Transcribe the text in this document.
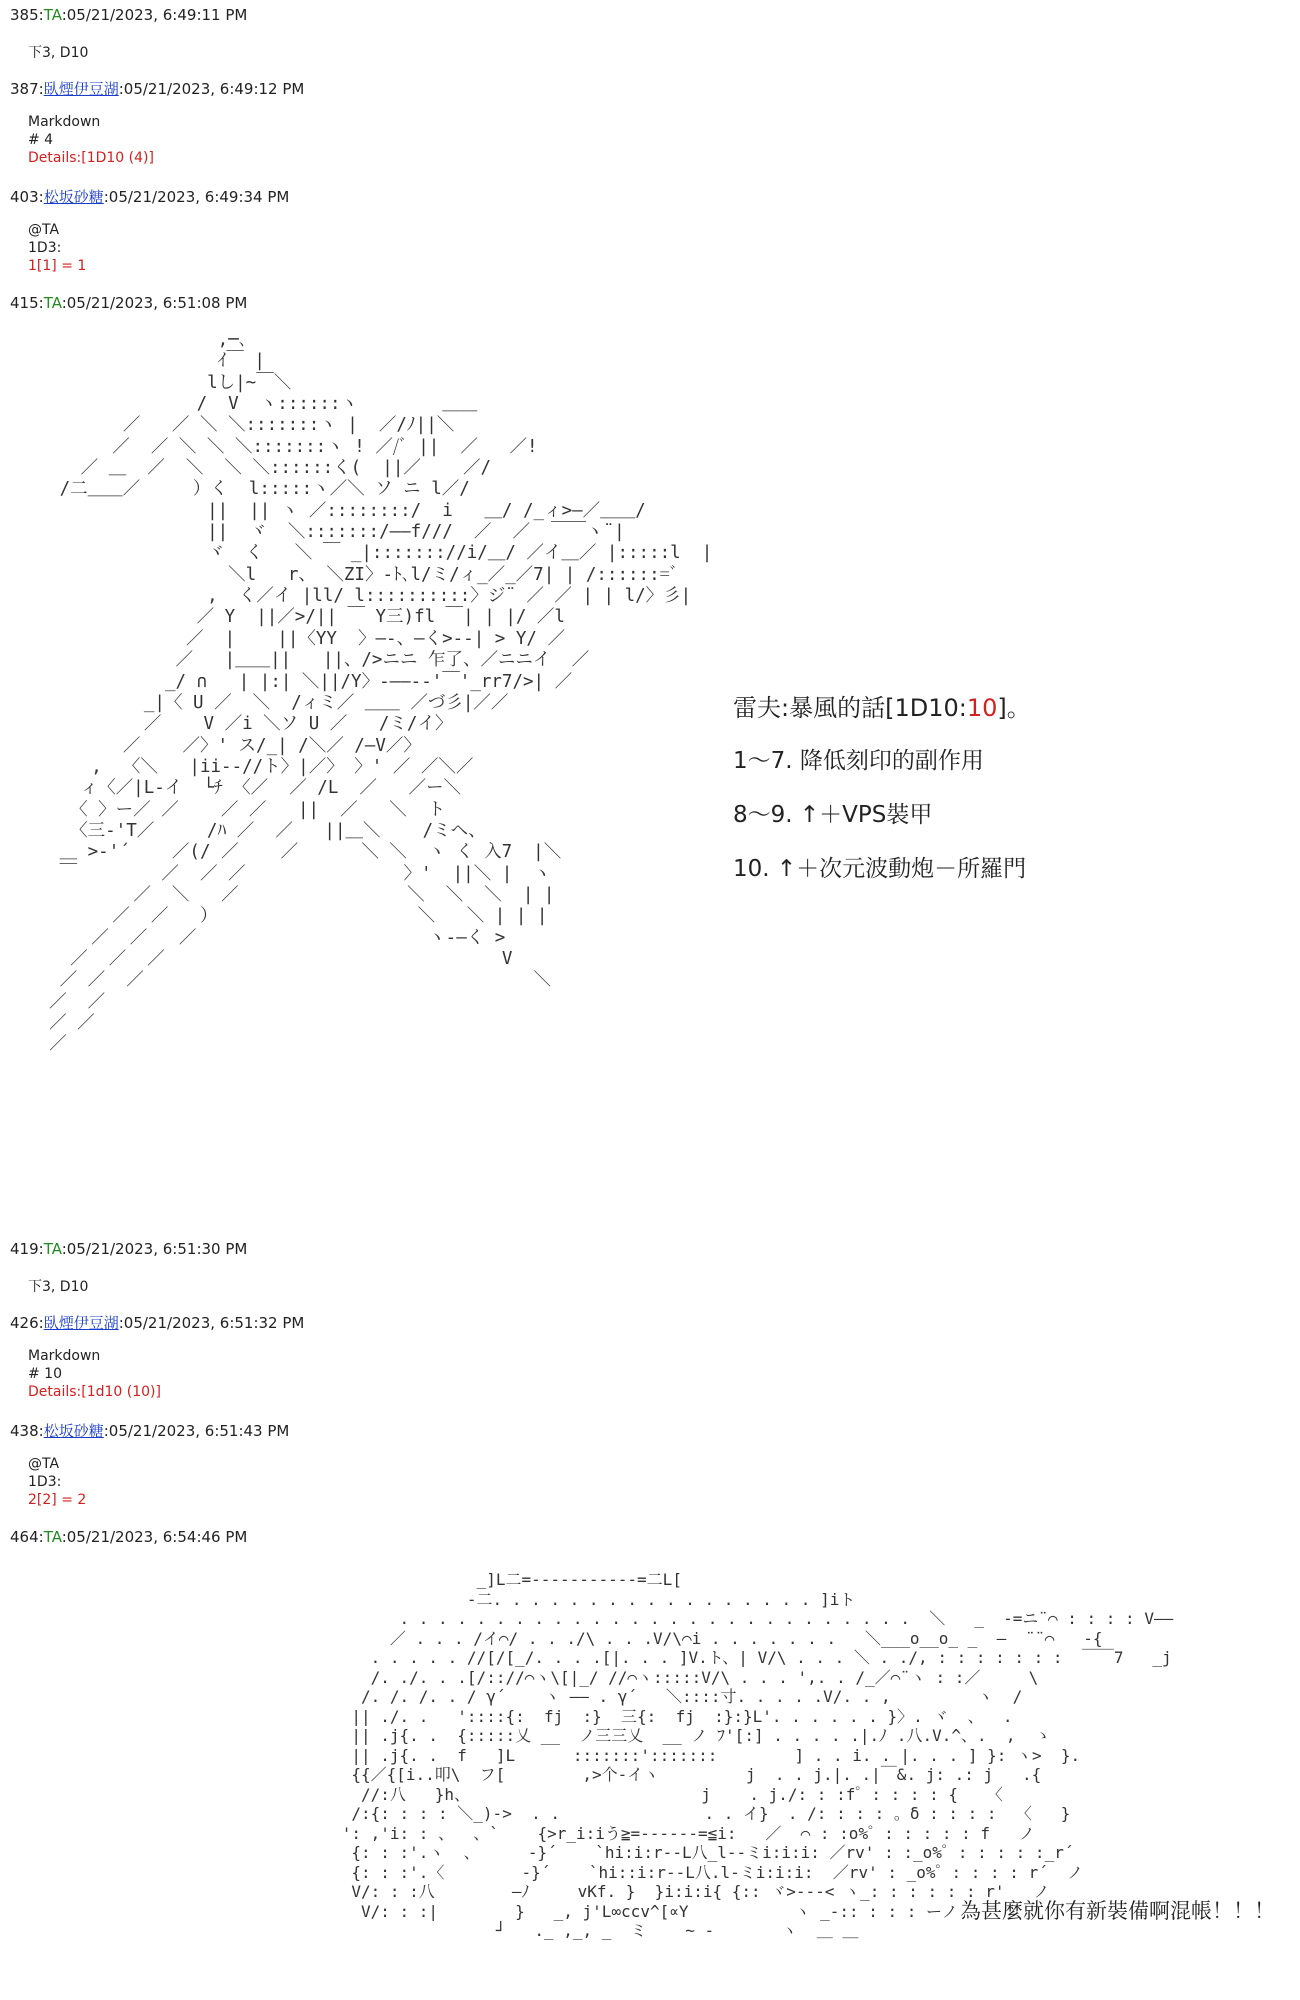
385:TA:05/21/2023, 6:49:11 PM
下3, D10
387:臥煙伊豆湖:05/21/2023, 6:49:12 PM
Markdown
# 4
Details:[1D10 (4)]
403:松坂砂糖:05/21/2023, 6:49:34 PM
@TA
1D3:
1[1] = 1
415:TA:05/21/2023, 6:51:08 PM
,─､
ｲ￣ |
lし|~￣＼
/  V  ヽ::::::ヽ        ＿＿
／   ／ ＼ ＼:::::::ヽ |  ／/ﾉ||＼
／  ／ ＼ ＼ ＼:::::::ヽ ! ／/ﾞ ||  ／   ／!
／ ＿  ／  ＼  ＼ ＼::::::く(  ||／    ／/
/二＿＿／     ）く  l:::::ヽ／＼ ソ ニ l／/
||  || ヽ ／::::::::/  i   ＿/ /_ィ>―／＿＿/
||  ヾ  ＼:::::::/――f///  ／  ／  ￣￣ヽ¨|
ヾ  く   ＼ ￣ _|::::::://i/＿/ ／イ＿／ |:::::l  |
＼l   r、 ＼ZI〉-ﾄ､l/ミ/ィ_／_／7| | /::::::=ﾞ
,  く／イ |ll/ l::::::::::〉ジ¨ ／ ／ | | l/〉彡|
／ Y  ||／>/|| ￣ Y三)fl ￣| | |/ ／l
／  |    ||〈YY  〉―-、―く>--| > Y/ ／
／   |＿＿||   ||、/>ニニ 乍了、／ニニイ  ／
_/ ∩   | |:| ＼||/Y〉-――‐‐'￣'_rr7/>| ／
_|〈 U ／  ＼  /ィミ／ ＿＿ ／づ彡|／／
／    V ／i ＼ソ U ／   /ミ/イ〉
／    ／〉' ス/_| /＼／ /―V／〉
,  〈＼   |ii--//ト〉|／〉 〉' ／ ／＼／
ィ〈／|L-イ  └ﾁ 〈／  ／ /L  ／   ／ー＼
〈 〉ー／ ／    ／ ／   ||  ／   ＼  ト
〈三-'T／     /ﾊ ／  ／   ||＿＼    /ミヘ、
＿ >-'´    ／(/ ／    ／      ＼ ＼  ヽ く 入7  |＼
￣        ／  ／ ／               〉'  ||＼ |  ヽ
／  ＼   ／                ＼  ＼  ＼  | |
／  ／   ）                   ＼   ＼ | | |
／  ／   ／                      ヽ-―く >
／  ／  ／                                V
／ ／  ／                                     ＼
／  ／
／ ／
／
雷夫:暴風的話[1D10:10]。
1～7. 降低刻印的副作用
8～9. ↑＋VPS裝甲
10. ↑＋次元波動炮－所羅門
419:TA:05/21/2023, 6:51:30 PM
下3, D10
426:臥煙伊豆湖:05/21/2023, 6:51:32 PM
Markdown
# 10
Details:[1d10 (10)]
438:松坂砂糖:05/21/2023, 6:51:43 PM
@TA
1D3:
2[2] = 2
464:TA:05/21/2023, 6:54:46 PM
_]L二=-----------=二L[
-二. . . . . . . . . . . . . . . . . ]iト
. . . . . . . . . . . . . . . . . . . . . . . . . . .  ＼   _  -=ニ¨⌒ : : : : V――
／ . . . /イ⌒/ . . ./\ . . .V/\⌒i . . . . . . .   ＼___o__o_ _  ―  ¨¨⌒   -{
. . . . . //[/[_/. . . .[|. . . ]V.ト、| V/\ . . . ＼ . ./, : : : : : : :  ￣￣7   _j
/. ./. . .[/:://⌒ヽ\[|_/ //⌒ヽ:::::V/\ . . . ',. . /_／⌒¨ヽ : :／     \
/. /. /. . / γ´    ヽ ―― . γ´   ＼::::寸. . . . .V/. . ,         ヽ  /
|| ./. .   '::::{:  fj  :}  三{:  fj  :}:}L'. . . . . . }〉. ヾ  、  .
|| .j{. .  {:::::乂 __  ノ三三乂  __ ノ ﾌ'[:] . . . . .|.ﾉ .八.V.^、.  ,  ゝ
|| .j{. .  f   ]L      :::::::':::::::        ] . . i. . |. . . ] }: ヽ>  }.
{{／{[i..叩\  フ[        ,>个-イヽ         j  . . j.|. .|￣&. j: .: j   .{
//:八   }h、                        j    . j./: : :f゜: : : : {   〈
/:{: : : : ＼_)->  . .               . . イ}  . /: : : : 。δ : : : :  〈   }
': ,'i: : 、  、`    {>r_i:iう≧=------=≦i:   ／  ⌒ : :o%゜: : : : : f   ノ
{: : :'.ヽ  、     -}´    `hi:i:r--L八_l--ミi:i:i: ／rv' : :_o%゜: : : : :_r´
{: : :'.〈        -}´    `hi::i:r--L八.l-ミi:i:i:  ／rv' : _o%゜: : : : r´  ノ
V/: : :八        ―ﾉ     vKf. }  }i:i:i{ {:: ヾ>---< ヽ_: : : : : : r'   ノ
V/: : :|        }   _, j'L∞ccv^[∝Y           ヽ _-:: : : : ーノ
┘   ._ ,_, _  ミ    ~ -       ヽ  ＿ ＿
為甚麼就你有新裝備啊混帳！！！
